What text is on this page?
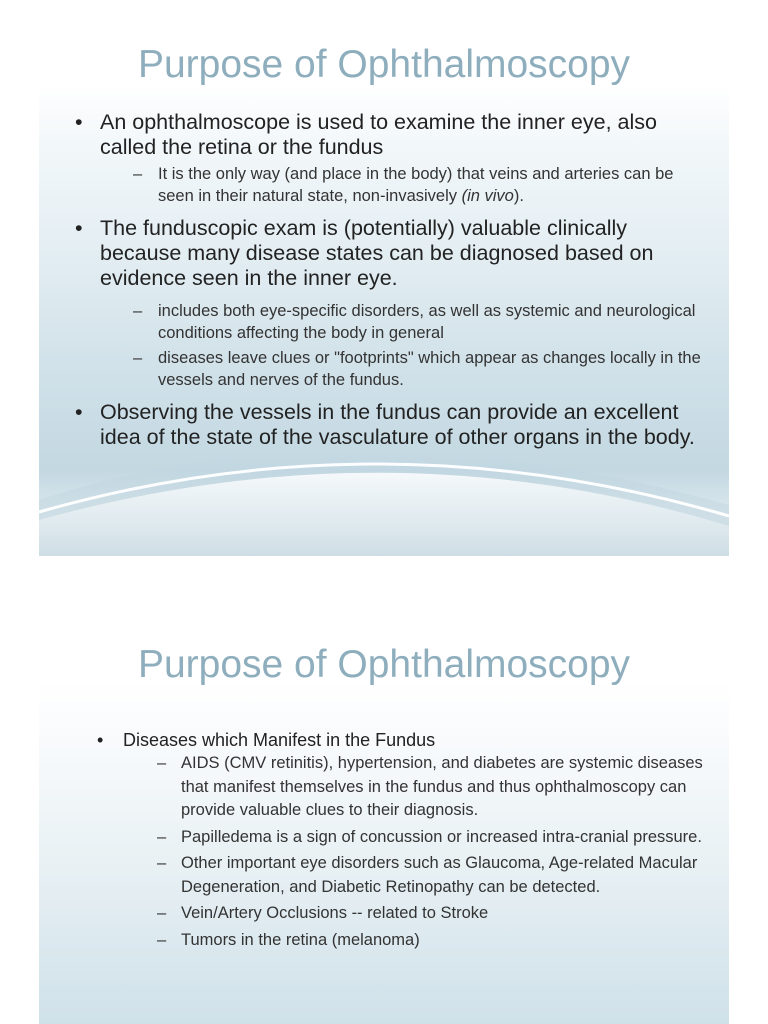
Purpose of Ophthalmoscopy
• An ophthalmoscope is used to examine the inner eye, also called the retina or the fundus
– It is the only way (and place in the body) that veins and arteries can be seen in their natural state, non-invasively (in vivo).
• The funduscopic exam is (potentially) valuable clinically because many disease states can be diagnosed based on evidence seen in the inner eye.
– includes both eye-specific disorders, as well as systemic and neurological conditions affecting the body in general
– diseases leave clues or "footprints" which appear as changes locally in the vessels and nerves of the fundus.
• Observing the vessels in the fundus can provide an excellent idea of the state of the vasculature of other organs in the body.
Purpose of Ophthalmoscopy
• Diseases which Manifest in the Fundus
– AIDS (CMV retinitis), hypertension, and diabetes are systemic diseases that manifest themselves in the fundus and thus ophthalmoscopy can provide valuable clues to their diagnosis.
– Papilledema is a sign of concussion or increased intra-cranial pressure.
– Other important eye disorders such as Glaucoma, Age-related Macular Degeneration, and Diabetic Retinopathy can be detected.
– Vein/Artery Occlusions -- related to Stroke
– Tumors in the retina (melanoma)
